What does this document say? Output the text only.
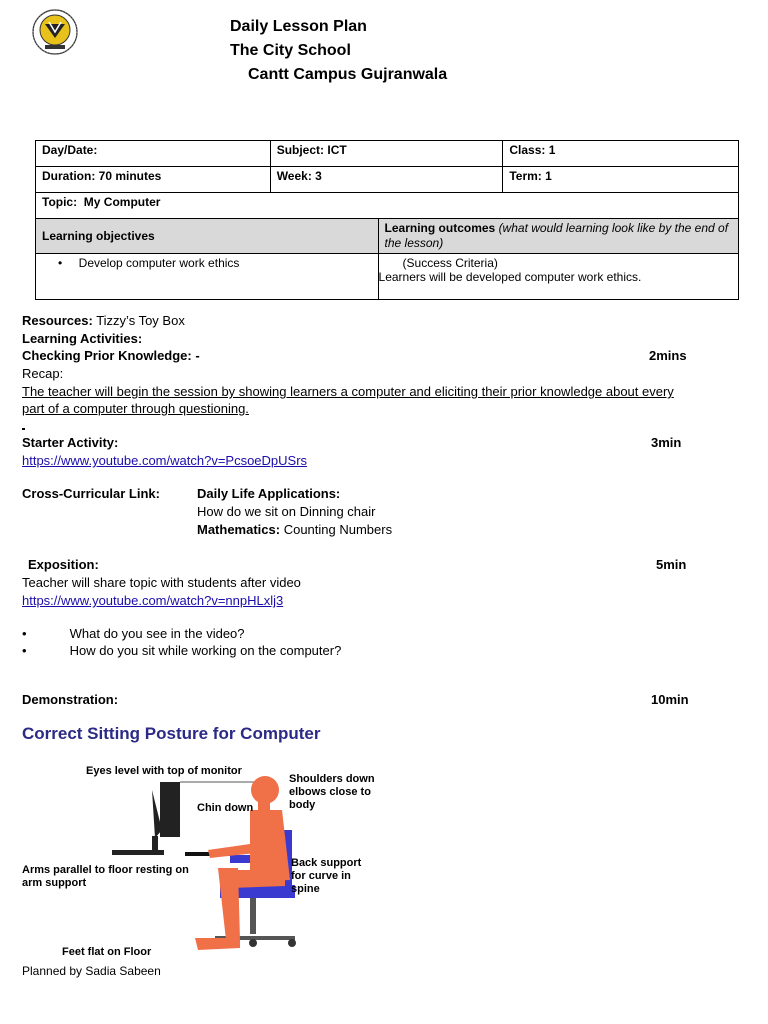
Daily Lesson Plan
The City School
Cantt Campus Gujranwala
Day/Date:	Subject: ICT		Class: 1
Duration: 70 minutes	Week: 3		Term: 1
Topic: My Computer			
Learning objectives		Learning outcomes (what would learning look like by the end of the lesson)	
• Develop computer work ethics		(Success Criteria)
Learners will be developed computer work ethics.	
Resources: Tizzy’s Toy Box
Learning Activities:
Checking Prior Knowledge: -	2mins
Recap:
The teacher will begin the session by showing learners a computer and eliciting their prior knowledge about every
part of a computer through questioning.
Starter Activity:	3min
https://www.youtube.com/watch?v=PcsoeDpUSrs
Cross-Curricular Link:	Daily Life Applications:
How do we sit on Dinning chair
Mathematics: Counting Numbers
Exposition:	5min
Teacher will share topic with students after video
https://www.youtube.com/watch?v=nnpHLxlj3
•	What do you see in the video?
•	How do you sit while working on the computer?
Demonstration:	10min
Correct Sitting Posture for Computer
Eyes level with top of monitor
Shoulders down elbows close to body
Chin down
Arms parallel to floor resting on arm support
Back support for curve in spine
Feet flat on Floor
Planned by Sadia Sabeen
